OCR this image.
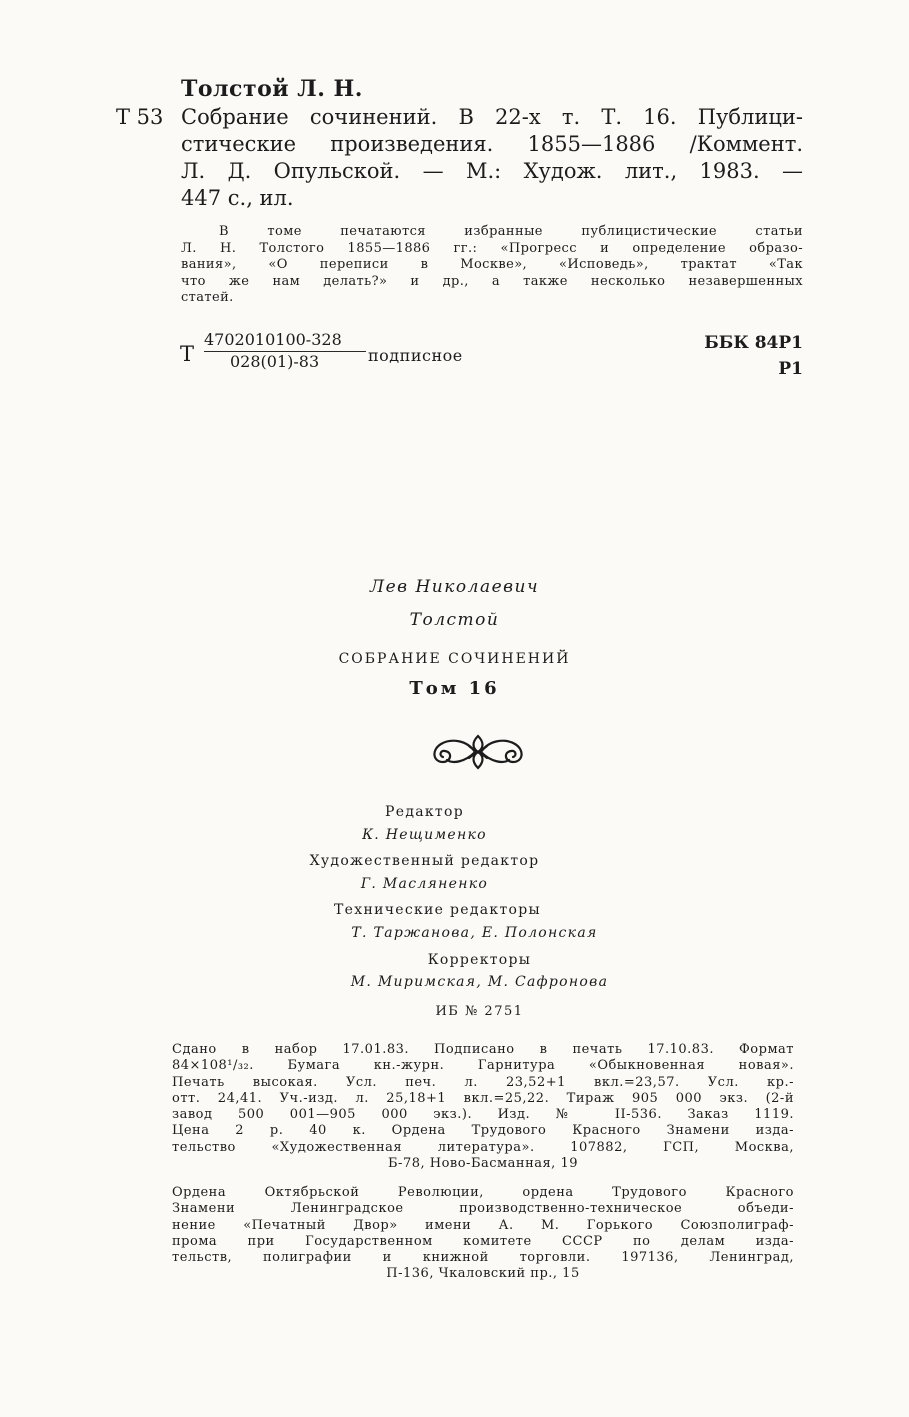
Толстой Л. Н.
Т 53 Собрание сочинений. В 22-х т. Т. 16. Публици-
стические произведения. 1855—1886 /Коммент.
Л. Д. Опульской. — М.: Худож. лит., 1983. —
447 с., ил.
В томе печатаются избранные публицистические статьи
Л. Н. Толстого 1855—1886 гг.: «Прогресс и определение образо-
вания», «О переписи в Москве», «Исповедь», трактат «Так
что же нам делать?» и др., а также несколько незавершенных
статей.
Т $\frac{4702010100-328}{028(01)-83}$ подписное
ББК 84Р1
Р1
Лев Николаевич
Толстой
СОБРАНИЕ СОЧИНЕНИЙ
Том 16
Редактор
К. Нещименко
Художественный редактор
Г. Масляненко
Технические редакторы
Т. Таржанова, Е. Полонская
Корректоры
М. Миримская, М. Сафронова
ИБ № 2751
Сдано в набор 17.01.83. Подписано в печать 17.10.83. Формат
84×108¹/₃₂. Бумага кн.-журн. Гарнитура «Обыкновенная новая».
Печать высокая. Усл. печ. л. 23,52+1 вкл.=23,57. Усл. кр.-
отт. 24,41. Уч.-изд. л. 25,18+1 вкл.=25,22. Тираж 905 000 экз. (2-й
завод 500 001—905 000 экз.). Изд. № II-536. Заказ 1119.
Цена 2 р. 40 к. Ордена Трудового Красного Знамени изда-
тельство «Художественная литература». 107882, ГСП, Москва,
Б-78, Ново-Басманная, 19
Ордена Октябрьской Революции, ордена Трудового Красного
Знамени Ленинградское производственно-техническое объеди-
нение «Печатный Двор» имени А. М. Горького Союзполиграф-
прома при Государственном комитете СССР по делам изда-
тельств, полиграфии и книжной торговли. 197136, Ленинград,
П-136, Чкаловский пр., 15
